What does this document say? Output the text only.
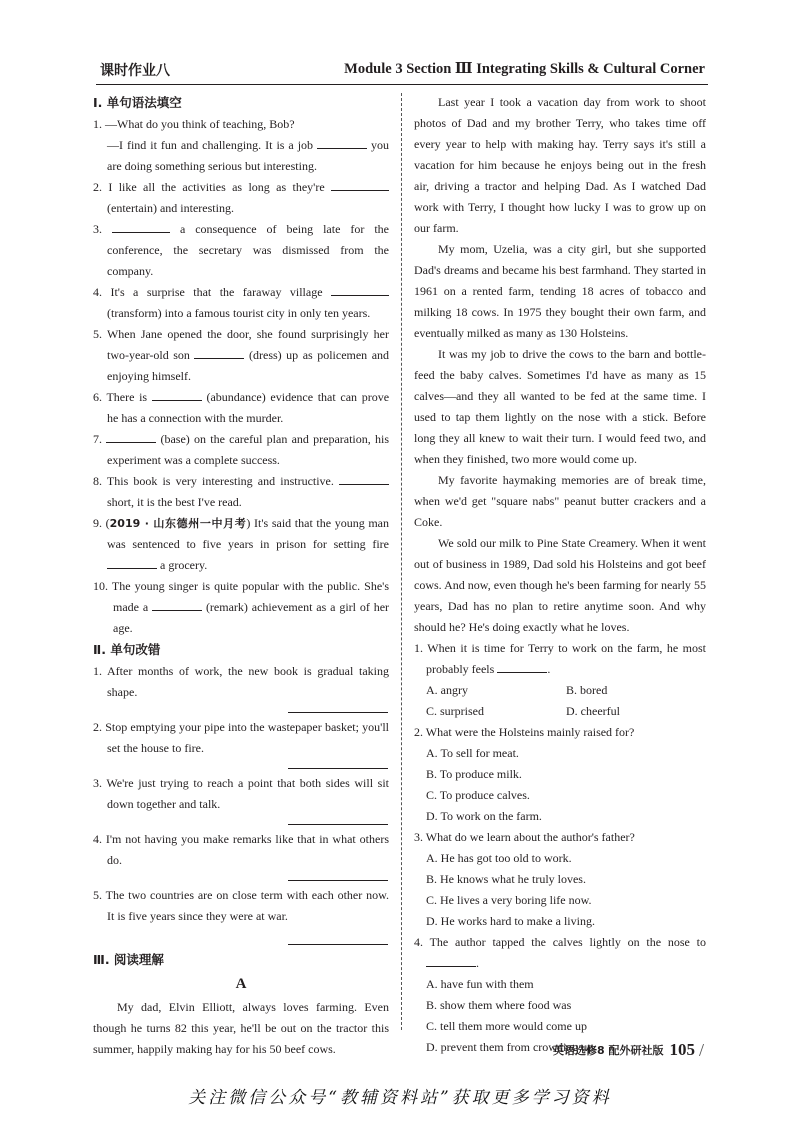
课时作业八	Module 3 Section Ⅲ Integrating Skills & Cultural Corner
Ⅰ. 单句语法填空
1. —What do you think of teaching, Bob?
—I find it fun and challenging. It is a job	you are doing something serious but interesting.
2. I like all the activities as long as they're  (entertain) and interesting.
3.	a consequence of being late for the conference, the secretary was dismissed from the company.
4. It's a surprise that the faraway village  (transform) into a famous tourist city in only ten years.
5. When Jane opened the door, she found surprisingly her two-year-old son	(dress) up as policemen and enjoying himself.
6. There is	(abundance) evidence that can prove he has a connection with the murder.
7.	(base) on the careful plan and preparation, his experiment was a complete success.
8. This book is very interesting and instructive.  short, it is the best I've read.
9. (2019 · 山东德州一中月考) It's said that the young man was sentenced to five years in prison for setting fire  a grocery.
10. The young singer is quite popular with the public. She's made a	(remark) achievement as a girl of her age.
Ⅱ. 单句改错
1. After months of work, the new book is gradual taking shape.
2. Stop emptying your pipe into the wastepaper basket; you'll set the house to fire.
3. We're just trying to reach a point that both sides will sit down together and talk.
4. I'm not having you make remarks like that in what others do.
5. The two countries are on close term with each other now. It is five years since they were at war.
Ⅲ. 阅读理解
A
My dad, Elvin Elliott, always loves farming. Even though he turns 82 this year, he'll be out on the tractor this summer, happily making hay for his 50 beef cows.
Last year I took a vacation day from work to shoot photos of Dad and my brother Terry, who takes time off every year to help with making hay. Terry says it's still a vacation for him because he enjoys being out in the fresh air, driving a tractor and helping Dad. As I watched Dad work with Terry, I thought how lucky I was to grow up on our farm.
My mom, Uzelia, was a city girl, but she supported Dad's dreams and became his best farmhand. They started in 1961 on a rented farm, tending 18 acres of tobacco and milking 18 cows. In 1975 they bought their own farm, and eventually milked as many as 130 Holsteins.
It was my job to drive the cows to the barn and bottle-feed the baby calves. Sometimes I'd have as many as 15 calves—and they all wanted to be fed at the same time. I used to tap them lightly on the nose with a stick. Before long they all knew to wait their turn. I would feed two, and when they finished, two more would come up.
My favorite haymaking memories are of break time, when we'd get "square nabs" peanut butter crackers and a Coke.
We sold our milk to Pine State Creamery. When it went out of business in 1989, Dad sold his Holsteins and got beef cows. And now, even though he's been farming for nearly 55 years, Dad has no plan to retire anytime soon. And why should he? He's doing exactly what he loves.
1. When it is time for Terry to work on the farm, he most probably feels	.
A. angry	B. bored
C. surprised	D. cheerful
2. What were the Holsteins mainly raised for?
A. To sell for meat.
B. To produce milk.
C. To produce calves.
D. To work on the farm.
3. What do we learn about the author's father?
A. He has got too old to work.
B. He knows what he truly loves.
C. He lives a very boring life now.
D. He works hard to make a living.
4. The author tapped the calves lightly on the nose to .
A. have fun with them
B. show them where food was
C. tell them more would come up
D. prevent them from crowding up
英语选修8 配外研社版 105 /
关注微信公众号“教辅资料站”获取更多学习资料
